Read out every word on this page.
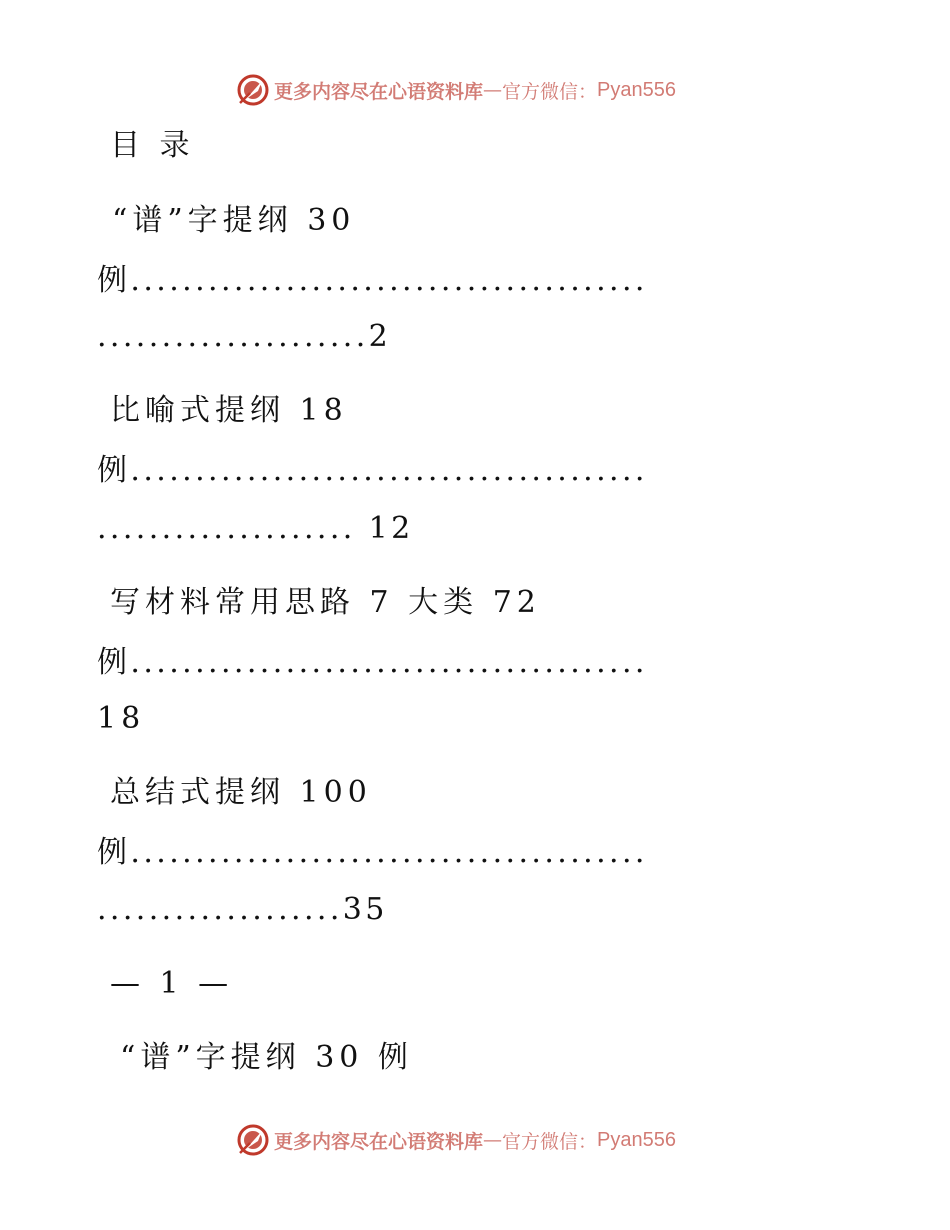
更多内容尽在心语资料库 — 官方微信： Pyan556
目 录
“谱”字提纲 30
例........................................
.....................2
比喻式提纲 18
例........................................
.................... 12
写材料常用思路 7 大类 72
例........................................
18
总结式提纲 100
例........................................
...................35
— 1 —
“谱”字提纲 30 例
更多内容尽在心语资料库 — 官方微信： Pyan556
